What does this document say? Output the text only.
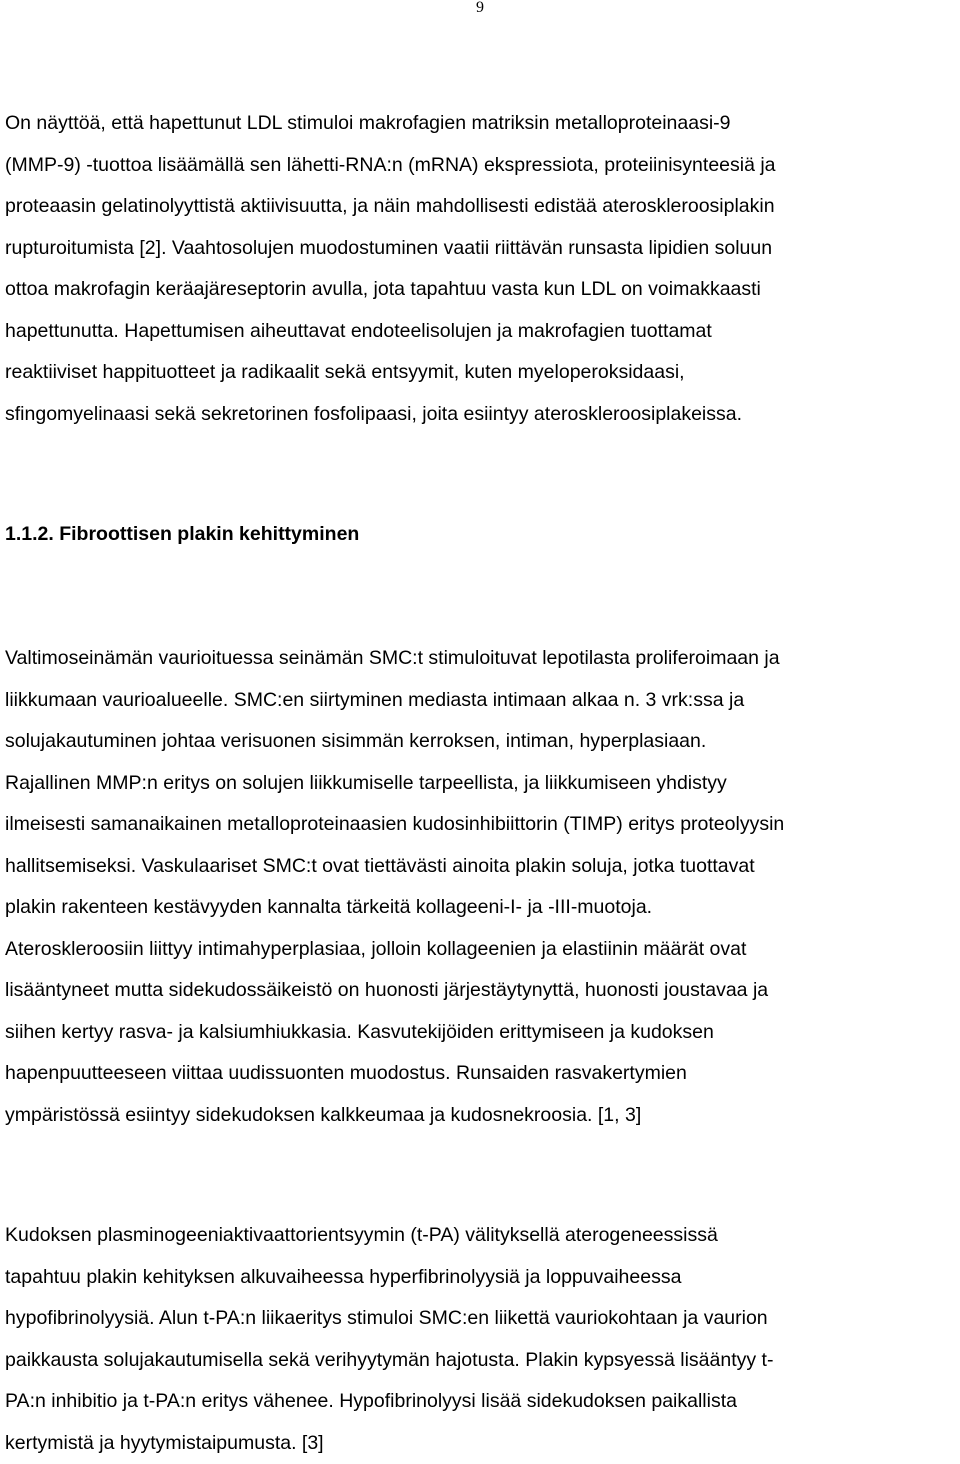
9
On näyttöä, että hapettunut LDL stimuloi makrofagien matriksin metalloproteinaasi-9
(MMP-9) -tuottoa lisäämällä sen lähetti-RNA:n (mRNA) ekspressiota, proteiinisynteesiä ja
proteaasin gelatinolyyttistä aktiivisuutta, ja näin mahdollisesti edistää ateroskleroosiplakin
rupturoitumista [2]. Vaahtosolujen muodostuminen vaatii riittävän runsasta lipidien soluun
ottoa makrofagin keräajäreseptorin avulla, jota tapahtuu vasta kun LDL on voimakkaasti
hapettunutta. Hapettumisen aiheuttavat endoteelisolujen ja makrofagien tuottamat
reaktiiviset happituotteet ja radikaalit sekä entsyymit, kuten myeloperoksidaasi,
sfingomyelinaasi sekä sekretorinen fosfolipaasi, joita esiintyy ateroskleroosiplakeissa.
1.1.2. Fibroottisen plakin kehittyminen
Valtimoseinämän vaurioituessa seinämän SMC:t stimuloituvat lepotilasta proliferoimaan ja
liikkumaan vaurioalueelle. SMC:en siirtyminen mediasta intimaan alkaa n. 3 vrk:ssa ja
solujakautuminen johtaa verisuonen sisimmän kerroksen, intiman, hyperplasiaan.
Rajallinen MMP:n eritys on solujen liikkumiselle tarpeellista, ja liikkumiseen yhdistyy
ilmeisesti samanaikainen metalloproteinaasien kudosinhibiittorin (TIMP) eritys proteolyysin
hallitsemiseksi. Vaskulaariset SMC:t ovat tiettävästi ainoita plakin soluja, jotka tuottavat
plakin rakenteen kestävyyden kannalta tärkeitä kollageeni-I- ja -III-muotoja.
Ateroskleroosiin liittyy intimahyperplasiaa, jolloin kollageenien ja elastiinin määrät ovat
lisääntyneet mutta sidekudossäikeistö on huonosti järjestäytynyttä, huonosti joustavaa ja
siihen kertyy rasva- ja kalsiumhiukkasia. Kasvutekijöiden erittymiseen ja kudoksen
hapenpuutteeseen viittaa uudissuonten muodostus. Runsaiden rasvakertymien
ympäristössä esiintyy sidekudoksen kalkkeumaa ja kudosnekroosia. [1, 3]
Kudoksen plasminogeeniaktivaattorientsyymin (t-PA) välityksellä aterogeneessissä
tapahtuu plakin kehityksen alkuvaiheessa hyperfibrinolyysiä ja loppuvaiheessa
hypofibrinolyysiä. Alun t-PA:n liikaeritys stimuloi SMC:en liikettä vauriokohtaan ja vaurion
paikkausta solujakautumisella sekä verihyytymän hajotusta. Plakin kypsyessä lisääntyy t-
PA:n inhibitio ja t-PA:n eritys vähenee. Hypofibrinolyysi lisää sidekudoksen paikallista
kertymistä ja hyytymistaipumusta. [3]
